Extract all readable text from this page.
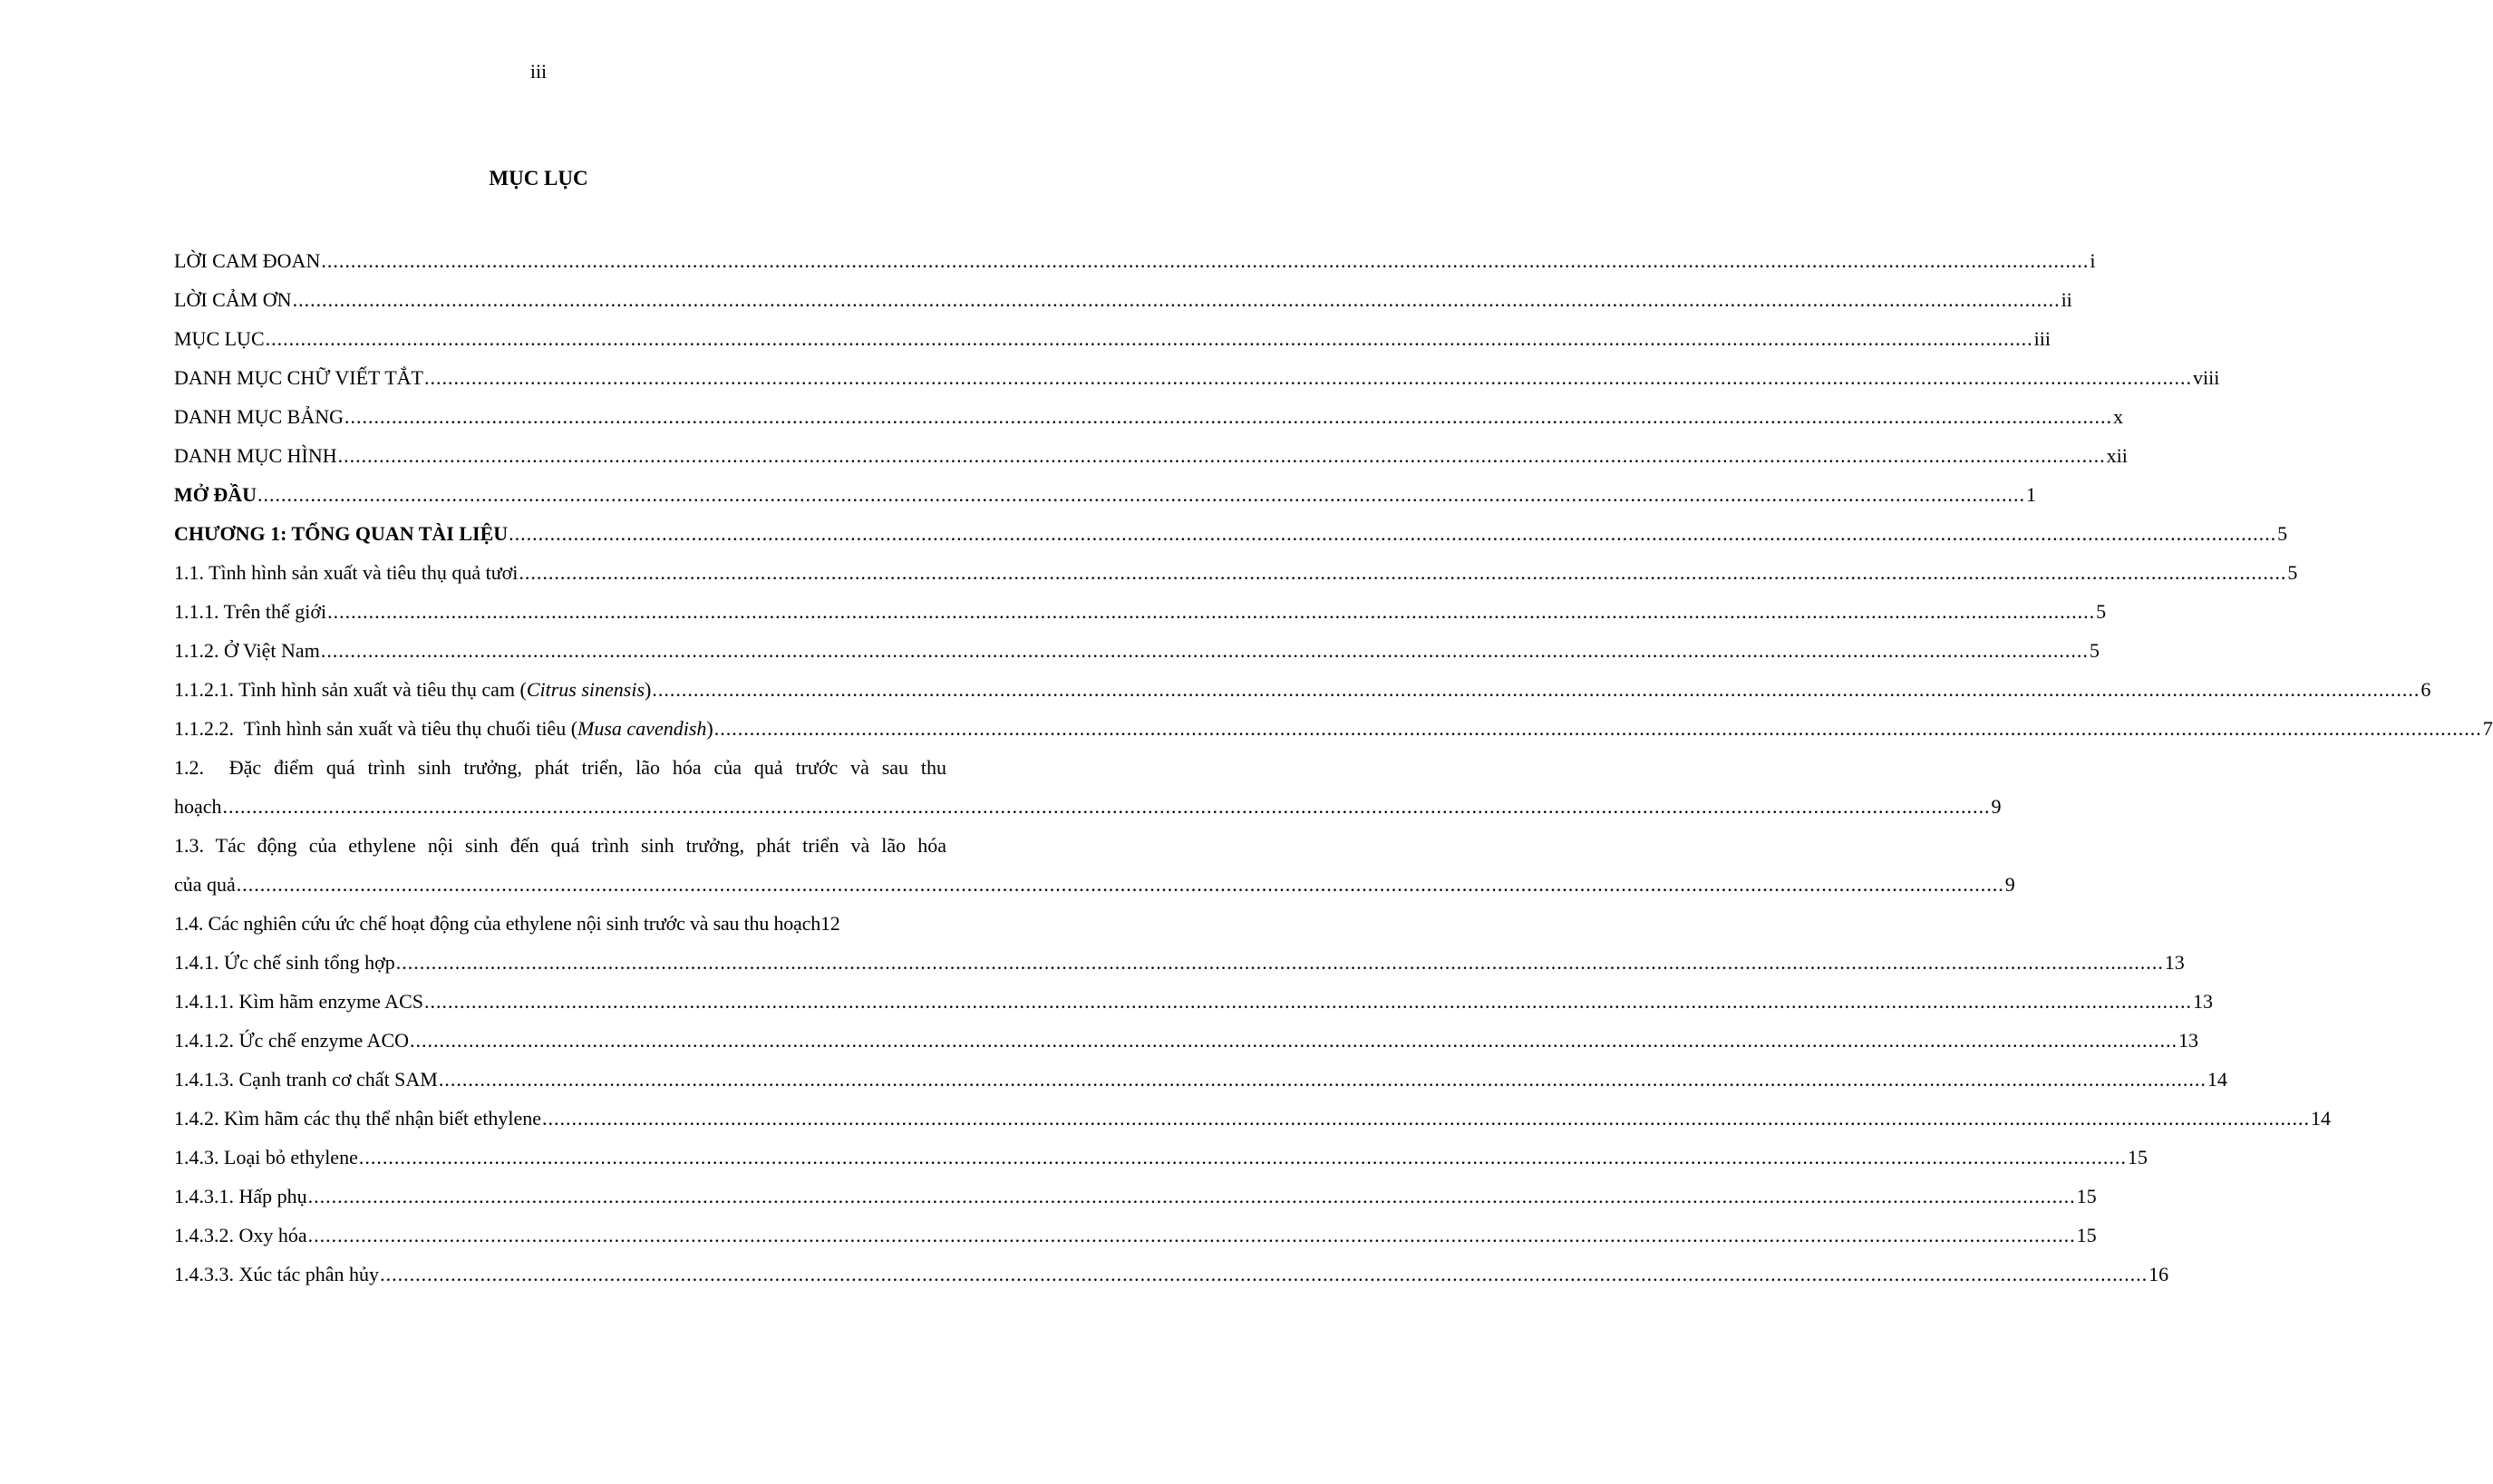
iii
MỤC LỤC
LỜI CAM ĐOAN ............................................................................................................................................................................................................................................................................................................ i
LỜI CẢM ƠN ............................................................................................................................................................................................................................................................................................................ ii
MỤC LỤC ............................................................................................................................................................................................................................................................................................................ iii
DANH MỤC CHỮ VIẾT TẮT ............................................................................................................................................................................................................................................................................................................ viii
DANH MỤC BẢNG ............................................................................................................................................................................................................................................................................................................ x
DANH MỤC HÌNH ............................................................................................................................................................................................................................................................................................................ xii
MỞ ĐẦU ............................................................................................................................................................................................................................................................................................................ 1
CHƯƠNG 1: TỔNG QUAN TÀI LIỆU ............................................................................................................................................................................................................................................................................................................ 5
1.1. Tình hình sản xuất và tiêu thụ quả tươi ............................................................................................................................................................................................................................................................................................................ 5
1.1.1. Trên thế giới ............................................................................................................................................................................................................................................................................................................ 5
1.1.2. Ở Việt Nam ............................................................................................................................................................................................................................................................................................................ 5
1.1.2.1. Tình hình sản xuất và tiêu thụ cam (Citrus sinensis) ............................................................................................................................................................................................................................................................................................................ 6
1.1.2.2.  Tình hình sản xuất và tiêu thụ chuối tiêu (Musa cavendish) ............................................................................................................................................................................................................................................................................................................ 7
1.2.  Đặc điểm quá trình sinh trưởng, phát triển, lão hóa của quả trước và sau thu
hoạch ............................................................................................................................................................................................................................................................................................................ 9
1.3. Tác động của ethylene nội sinh đến quá trình sinh trưởng, phát triển và lão hóa
của quả ............................................................................................................................................................................................................................................................................................................ 9
1.4. Các nghiên cứu ức chế hoạt động của ethylene nội sinh trước và sau thu hoạch 12
1.4.1. Ức chế sinh tổng hợp ............................................................................................................................................................................................................................................................................................................ 13
1.4.1.1. Kìm hãm enzyme ACS ............................................................................................................................................................................................................................................................................................................ 13
1.4.1.2. Ức chế enzyme ACO ............................................................................................................................................................................................................................................................................................................ 13
1.4.1.3. Cạnh tranh cơ chất SAM ............................................................................................................................................................................................................................................................................................................ 14
1.4.2. Kìm hãm các thụ thể nhận biết ethylene ............................................................................................................................................................................................................................................................................................................ 14
1.4.3. Loại bỏ ethylene ............................................................................................................................................................................................................................................................................................................ 15
1.4.3.1. Hấp phụ ............................................................................................................................................................................................................................................................................................................ 15
1.4.3.2. Oxy hóa ............................................................................................................................................................................................................................................................................................................ 15
1.4.3.3. Xúc tác phân hủy ............................................................................................................................................................................................................................................................................................................ 16
